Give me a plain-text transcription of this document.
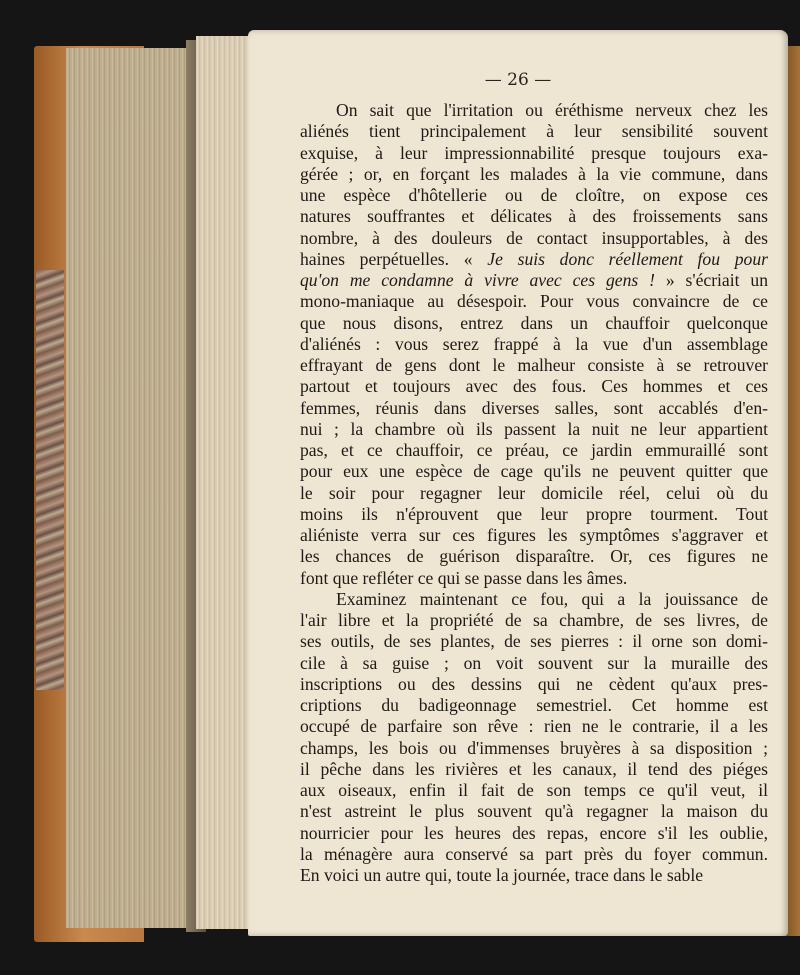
— 26 —
On sait que l'irritation ou éréthisme nerveux chez les
aliénés tient principalement à leur sensibilité souvent
exquise, à leur impressionnabilité presque toujours exa-
gérée ; or, en forçant les malades à la vie commune, dans
une espèce d'hôtellerie ou de cloître, on expose ces
natures souffrantes et délicates à des froissements sans
nombre, à des douleurs de contact insupportables, à des
haines perpétuelles. « Je suis donc réellement fou pour
qu'on me condamne à vivre avec ces gens ! » s'écriait un
mono-maniaque au désespoir. Pour vous convaincre de ce
que nous disons, entrez dans un chauffoir quelconque
d'aliénés : vous serez frappé à la vue d'un assemblage
effrayant de gens dont le malheur consiste à se retrouver
partout et toujours avec des fous. Ces hommes et ces
femmes, réunis dans diverses salles, sont accablés d'en-
nui ; la chambre où ils passent la nuit ne leur appartient
pas, et ce chauffoir, ce préau, ce jardin emmuraillé sont
pour eux une espèce de cage qu'ils ne peuvent quitter que
le soir pour regagner leur domicile réel, celui où du
moins ils n'éprouvent que leur propre tourment. Tout
aliéniste verra sur ces figures les symptômes s'aggraver et
les chances de guérison disparaître. Or, ces figures ne
font que refléter ce qui se passe dans les âmes.
Examinez maintenant ce fou, qui a la jouissance de
l'air libre et la propriété de sa chambre, de ses livres, de
ses outils, de ses plantes, de ses pierres : il orne son domi-
cile à sa guise ; on voit souvent sur la muraille des
inscriptions ou des dessins qui ne cèdent qu'aux pres-
criptions du badigeonnage semestriel. Cet homme est
occupé de parfaire son rêve : rien ne le contrarie, il a les
champs, les bois ou d'immenses bruyères à sa disposition ;
il pêche dans les rivières et les canaux, il tend des piéges
aux oiseaux, enfin il fait de son temps ce qu'il veut, il
n'est astreint le plus souvent qu'à regagner la maison du
nourricier pour les heures des repas, encore s'il les oublie,
la ménagère aura conservé sa part près du foyer commun.
En voici un autre qui, toute la journée, trace dans le sable
